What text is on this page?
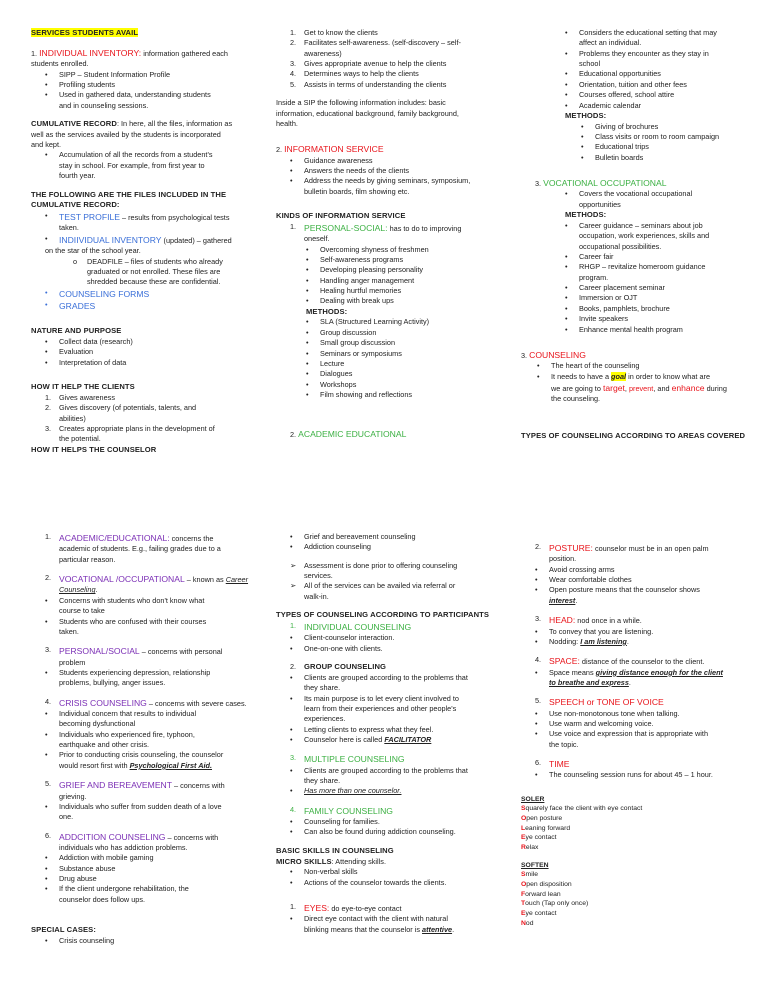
SERVICES STUDENTS AVAIL
1. INDIVIDUAL INVENTORY: information gathered each
students enrolled.
• SIPP – Student Information Profile
• Profiling students
• Used in gathered data, understanding students
and in counseling sessions.
CUMULATIVE RECORD: In here, all the files, information as
well as the services availed by the students is incorporated
and kept.
• Accumulation of all the records from a student's
stay in school. For example, from first year to
fourth year.
THE FOLLOWING ARE THE FILES INCLUDED IN THE
CUMULATIVE RECORD:
• TEST PROFILE – results from psychological tests
taken.
• INDIIVIDUAL INVENTORY (updated) – gathered
on the star of the school year.
o DEADFILE – files of students who already
graduated or not enrolled. These files are
shredded because these are confidential.
• COUNSELING FORMS
• GRADES
NATURE AND PURPOSE
• Collect data (research)
• Evaluation
• Interpretation of data
HOW IT HELP THE CLIENTS
1. Gives awareness
2. Gives discovery (of potentials, talents, and
abilities)
3. Creates appropriate plans in the development of
the potential.
HOW IT HELPS THE COUNSELOR
1. Get to know the clients
2. Facilitates self-awareness. (self-discovery – self-
awareness)
3. Gives appropriate avenue to help the clients
4. Determines ways to help the clients
5. Assists in terms of understanding the clients
Inside a SIP the following information includes: basic
information, educational background, family background,
health.
2. INFORMATION SERVICE
• Guidance awareness
• Answers the needs of the clients
• Address the needs by giving seminars, symposium,
bulletin boards, film showing etc.
KINDS OF INFORMATION SERVICE
1. PERSONAL-SOCIAL: has to do to improving
oneself.
• Overcoming shyness of freshmen
• Self-awareness programs
• Developing pleasing personality
• Handling anger management
• Healing hurtful memories
• Dealing with break ups
METHODS:
• SLA (Structured Learning Activity)
• Group discussion
• Small group discussion
• Seminars or symposiums
• Lecture
• Dialogues
• Workshops
• Film showing and reflections
2. ACADEMIC EDUCATIONAL
• Considers the educational setting that may
affect an individual.
• Problems they encounter as they stay in
school
• Educational opportunities
• Orientation, tuition and other fees
• Courses offered, school attire
• Academic calendar
METHODS:
• Giving of brochures
• Class visits or room to room campaign
• Educational trips
• Bulletin boards
3. VOCATIONAL OCCUPATIONAL
• Covers the vocational occupational
opportunities
METHODS:
• Career guidance – seminars about job
occupation, work experiences, skills and
occupational possibilities.
• Career fair
• RHGP – revitalize homeroom guidance
program.
• Career placement seminar
• Immersion or OJT
• Books, pamphlets, brochure
• Invite speakers
• Enhance mental health program
3. COUNSELING
• The heart of the counseling
• It needs to have a goal in order to know what are
we are going to target, prevent, and enhance during
the counseling.
TYPES OF COUNSELING ACCORDING TO AREAS COVERED
1. ACADEMIC/EDUCATIONAL: concerns the
academic of students. E.g., failing grades due to a
particular reason.
2. VOCATIONAL /OCCUPATIONAL – known as Career
Counseling.
• Concerns with students who don't know what
course to take
• Students who are confused with their courses
taken.
3. PERSONAL/SOCIAL – concerns with personal
problem
• Students experiencing depression, relationship
problems, bullying, anger issues.
4. CRISIS COUNSELING – concerns with severe cases.
• Individual concern that results to individual
becoming dysfunctional
• Individuals who experienced fire, typhoon,
earthquake and other crisis.
• Prior to conducting crisis counseling, the counselor
would resort first with Psychological First Aid.
5. GRIEF AND BEREAVEMENT – concerns with
grieving.
• Individuals who suffer from sudden death of a love
one.
6. ADDCITION COUNSELING – concerns with
individuals who has addiction problems.
• Addiction with mobile gaming
• Substance abuse
• Drug abuse
• If the client undergone rehabilitation, the
counselor does follow ups.
SPECIAL CASES:
• Crisis counseling
• Grief and bereavement counseling
• Addiction counseling
➢ Assessment is done prior to offering counseling
services.
➢ All of the services can be availed via referral or
walk-in.
TYPES OF COUNSELING ACCORDING TO PARTICIPANTS
1. INDIVIDUAL COUNSELING
• Client-counselor interaction.
• One-on-one with clients.
2. GROUP COUNSELING
• Clients are grouped according to the problems that
they share.
• Its main purpose is to let every client involved to
learn from their experiences and other people's
experiences.
• Letting clients to express what they feel.
• Counselor here is called FACILITATOR
3. MULTIPLE COUNSELING
• Clients are grouped according to the problems that
they share.
• Has more than one counselor.
4. FAMILY COUNSELING
• Counseling for families.
• Can also be found during addiction counseling.
BASIC SKILLS IN COUNSELING
MICRO SKILLS: Attending skills.
• Non-verbal skills
• Actions of the counselor towards the clients.
1. EYES: do eye-to-eye contact
• Direct eye contact with the client with natural
blinking means that the counselor is attentive.
2. POSTURE: counselor must be in an open palm
position.
• Avoid crossing arms
• Wear comfortable clothes
• Open posture means that the counselor shows
interest.
3. HEAD: nod once in a while.
• To convey that you are listening.
• Nodding: I am listening.
4. SPACE: distance of the counselor to the client.
• Space means giving distance enough for the client
to breathe and express.
5. SPEECH or TONE OF VOICE
• Use non-monotonous tone when talking.
• Use warm and welcoming voice.
• Use voice and expression that is appropriate with
the topic.
6. TIME
• The counseling session runs for about 45 – 1 hour.
SOLER
Squarely face the client with eye contact
Open posture
Leaning forward
Eye contact
Relax
SOFTEN
Smile
Open disposition
Forward lean
Touch (Tap only once)
Eye contact
Nod
